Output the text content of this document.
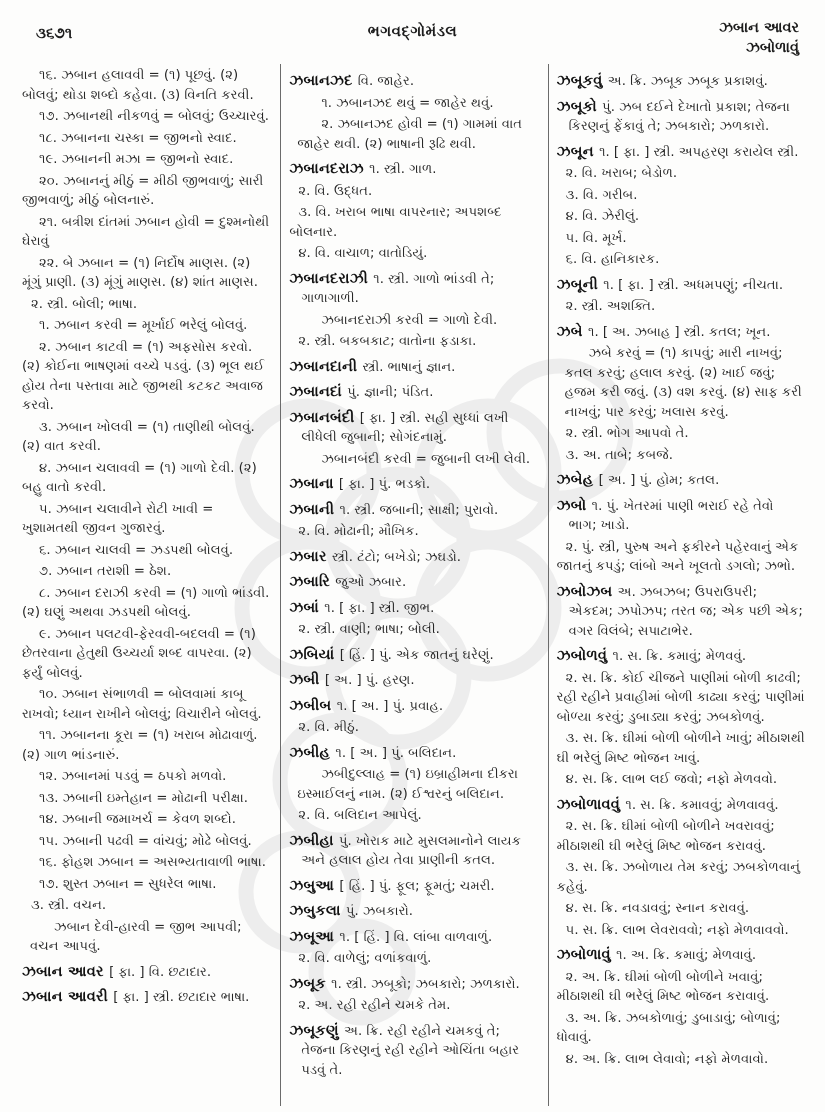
૩૬૭૧	ભગવદ્ગોમંડલ	ઝબાન આવર
ઝબોળાવું

૧૬. ઝબાન હલાવવી = (૧) પૂછવું. (૨) બોલવું; થોડા શબ્દો કહેવા. (૩) વિનતિ કરવી.

૧૭. ઝબાનથી નીકળવું = બોલવું; ઉચ્ચારવું.

૧૮. ઝબાનના ચસ્કા = જીભનો સ્વાદ.

૧૯. ઝબાનની મઝા = જીભનો સ્વાદ.

૨૦. ઝબાનનું મીઠું = મીઠી જીભવાળું; સારી જીભવાળું; મીઠું બોલનારું.

૨૧. બત્રીશ દાંતમાં ઝબાન હોવી = દુશ્મનોથી ઘેરાવું

૨૨. બે ઝબાન = (૧) નિર્દોષ માણસ. (૨) મૂંગું પ્રાણી. (૩) મૂંગું માણસ. (૪) શાંત માણસ.

૨. સ્ત્રી. બોલી; ભાષા.

૧. ઝબાન કરવી = મૂર્ખાઈ ભરેલું બોલવું.

૨. ઝબાન કાટવી = (૧) અફસોસ કરવો. (૨) કોઈના ભાષણમાં વચ્ચે પડવું. (૩) ભૂલ થઈ હોય તેના પસ્તાવા માટે જીભથી કટકટ અવાજ કરવો.

૩. ઝબાન ખોલવી = (૧) તાણીથી બોલવું. (૨) વાત કરવી.

૪. ઝબાન ચલાવવી = (૧) ગાળો દેવી. (૨) બહુ વાતો કરવી.

૫. ઝબાન ચલાવીને રોટી ખાવી = ખુશામતથી જીવન ગુજારવું.

૬. ઝબાન ચાલવી = ઝડપથી બોલવું.

૭. ઝબાન તરાશી = ઠેશ.

૮. ઝબાન દરાઝી કરવી = (૧) ગાળો ભાંડવી. (૨) ઘણું અથવા ઝડપથી બોલવું.

૯. ઝબાન પલટવી-ફેરવવી-બદલવી = (૧) છેતરવાના હેતુથી ઉચ્ચર્યા શબ્દ વાપરવા. (૨) ફર્યું બોલવું.

૧૦. ઝબાન સંભાળવી = બોલવામાં કાબૂ રાખવો; ધ્યાન રાખીને બોલવું; વિચારીને બોલવું.

૧૧. ઝબાનના કૂરા = (૧) ખરાબ મોઢાવાળું. (૨) ગાળ ભાંડનારું.

૧૨. ઝબાનમાં પડવું = ઠપકો મળવો.

૧૩. ઝબાની ઇમ્તેહાન = મોઢાની પરીક્ષા.

૧૪. ઝબાની જમાખર્ચ = કેવળ શબ્દો.

૧૫. ઝબાની પઢવી = વાંચવું; મોઢે બોલવું.

૧૬. ફોહશ ઝબાન = અસભ્યતાવાળી ભાષા.

૧૭. શુસ્ત ઝબાન = સુધરેલ ભાષા.

૩. સ્ત્રી. વચન.

ઝબાન દેવી-હારવી = જીભ આપવી; વચન આપવું.

ઝબાન આવર [ ફા. ] વિ. છટાદાર.

ઝબાન આવરી [ ફા. ] સ્ત્રી. છટાદાર ભાષા.

ઝબાનઝદ વિ. જાહેર.

૧. ઝબાનઝદ થવું = જાહેર થવું.

૨. ઝબાનઝદ હોવી = (૧) ગામમાં વાત જાહેર થવી. (૨) ભાષાની રૂઢિ થવી.

ઝબાનદરાઝ ૧. સ્ત્રી. ગાળ.

૨. વિ. ઉદ્ધત.

૩. વિ. ખરાબ ભાષા વાપરનાર; અપશબ્દ બોલનાર.

૪. વિ. વાચાળ; વાતોડિયું.

ઝબાનદરાઝી ૧. સ્ત્રી. ગાળો ભાંડવી તે; ગાળાગાળી.

ઝબાનદરાઝી કરવી = ગાળો દેવી.

૨. સ્ત્રી. બકબકાટ; વાતોના ફડાકા.

ઝબાનદાની સ્ત્રી. ભાષાનું જ્ઞાન.

ઝબાનદાં પું. જ્ઞાની; પંડિત.

ઝબાનબંદી [ ફા. ] સ્ત્રી. સહી સુધ્ધાં લખી લીધેલી જુબાની; સોગંદનામું.

ઝબાનબંદી કરવી = જુબાની લખી લેવી.

ઝબાના [ ફા. ] પું. ભડકો.

ઝબાની ૧. સ્ત્રી. જબાની; સાક્ષી; પુરાવો.

૨. વિ. મોઢાની; મૌખિક.

ઝબાર સ્ત્રી. ટંટો; બખેડો; ઝઘડો.

ઝબારિ જુઓ ઝબાર.

ઝબાં ૧. [ ફા. ] સ્ત્રી. જીભ.

૨. સ્ત્રી. વાણી; ભાષા; બોલી.

ઝબિયાં [ હિં. ] પું. એક જાતનું ઘરેણું.

ઝબી [ અ. ] પું. હરણ.

ઝબીબ ૧. [ અ. ] પું. પ્રવાહ.

૨. વિ. મીઠું.

ઝબીહ ૧. [ અ. ] પું. બલિદાન.

ઝબીદુલ્લાહ = (૧) ઇબ્રાહીમના દીકરા ઇસ્માઈલનું નામ. (૨) ઈશ્વરનું બલિદાન.

૨. વિ. બલિદાન આપેલું.

ઝબીહા પું. ખોરાક માટે મુસલમાનોને લાયક અને હલાલ હોય તેવા પ્રાણીની કતલ.

ઝબુઆ [ હિં. ] પું. ફૂલ; ફૂમતું; ચમરી.

ઝબુકલા પું. ઝબકારો.

ઝબૂઆ ૧. [ હિં. ] વિ. લાંબા વાળવાળું.

૨. વિ. વાળેલું; વળાંકવાળું.

ઝબૂક ૧. સ્ત્રી. ઝબૂકો; ઝબકારો; ઝળકારો.

૨. અ. રહી રહીને ચમકે તેમ.

ઝબૂકણું અ. ક્રિ. રહી રહીને ચમકવું તે; તેજના કિરણનું રહી રહીને ઓચિંતા બહાર પડવું તે.

ઝબૂકવું અ. ક્રિ. ઝબૂક ઝબૂક પ્રકાશવું.

ઝબૂકો પું. ઝબ દઈને દેખાતો પ્રકાશ; તેજના કિરણનું ફેંકાવું તે; ઝબકારો; ઝળકારો.

ઝબૂન ૧. [ ફા. ] સ્ત્રી. અપહરણ કરાયેલ સ્ત્રી.

૨. વિ. ખરાબ; બેડોળ.

૩. વિ. ગરીબ.

૪. વિ. ઝેરીલું.

૫. વિ. મૂર્ખ.

૬. વિ. હાનિકારક.

ઝબૂની ૧. [ ફા. ] સ્ત્રી. અધમપણું; નીચતા.

૨. સ્ત્રી. અશક્તિ.

ઝબે ૧. [ અ. ઝબાહ ] સ્ત્રી. કતલ; ખૂન.

ઝબે કરવું = (૧) કાપવું; મારી નાખવું; કતલ કરવું; હલાલ કરવું. (૨) ખાઈ જવું; હજમ કરી જવું. (૩) વશ કરવું. (૪) સાફ કરી નાખવું; પાર કરવું; ખલાસ કરવું.

૨. સ્ત્રી. ભોગ આપવો તે.

૩. અ. તાબે; કબજે.

ઝબેહ [ અ. ] પું. હોમ; કતલ.

ઝબો ૧. પું. ખેતરમાં પાણી ભરાઈ રહે તેવો ભાગ; ખાડો.

૨. પું. સ્ત્રી, પુરુષ અને ફકીરને પહેરવાનું એક જાતનું કપડું; લાંબો અને ખૂલતો ડગલો; ઝભો.

ઝબોઝબ અ. ઝબઝબ; ઉપરાઉપરી; એકદમ; ઝપોઝપ; તરત જ; એક પછી એક; વગર વિલંબે; સપાટાભેર.

ઝબોળવું ૧. સ. ક્રિ. કમાવું; મેળવવું.

૨. સ. ક્રિ. કોઈ ચીજને પાણીમાં બોળી કાઢવી; રહી રહીને પ્રવાહીમાં બોળી કાઢ્યા કરવું; પાણીમાં બોળ્યા કરવું; ડુબાડ્યા કરવું; ઝબકોળવું.

૩. સ. ક્રિ. ઘીમાં બોળી બોળીને ખાવું; મીઠાશથી ઘી ભરેલું મિષ્ટ ભોજન ખાવું.

૪. સ. ક્રિ. લાભ લઈ જવો; નફો મેળવવો.

ઝબોળાવવું ૧. સ. ક્રિ. કમાવવું; મેળવાવવું.

૨. સ. ક્રિ. ઘીમાં બોળી બોળીને ખવરાવવું; મીઠાશથી ઘી ભરેલું મિષ્ટ ભોજન કરાવવું.

૩. સ. ક્રિ. ઝબોળાય તેમ કરવું; ઝબકોળવાનું કહેવું.

૪. સ. ક્રિ. નવડાવવું; સ્નાન કરાવવું.

૫. સ. ક્રિ. લાભ લેવરાવવો; નફો મેળવાવવો.

ઝબોળાવું ૧. અ. ક્રિ. કમાવું; મેળવાવું.

૨. અ. ક્રિ. ઘીમાં બોળી બોળીને ખવાવું; મીઠાશથી ઘી ભરેલું મિષ્ટ ભોજન કરાવાવું.

૩. અ. ક્રિ. ઝબકોળાવું; ડુબાડાવું; બોળાવું; ધોવાવું.

૪. અ. ક્રિ. લાભ લેવાવો; નફો મેળવાવો.
